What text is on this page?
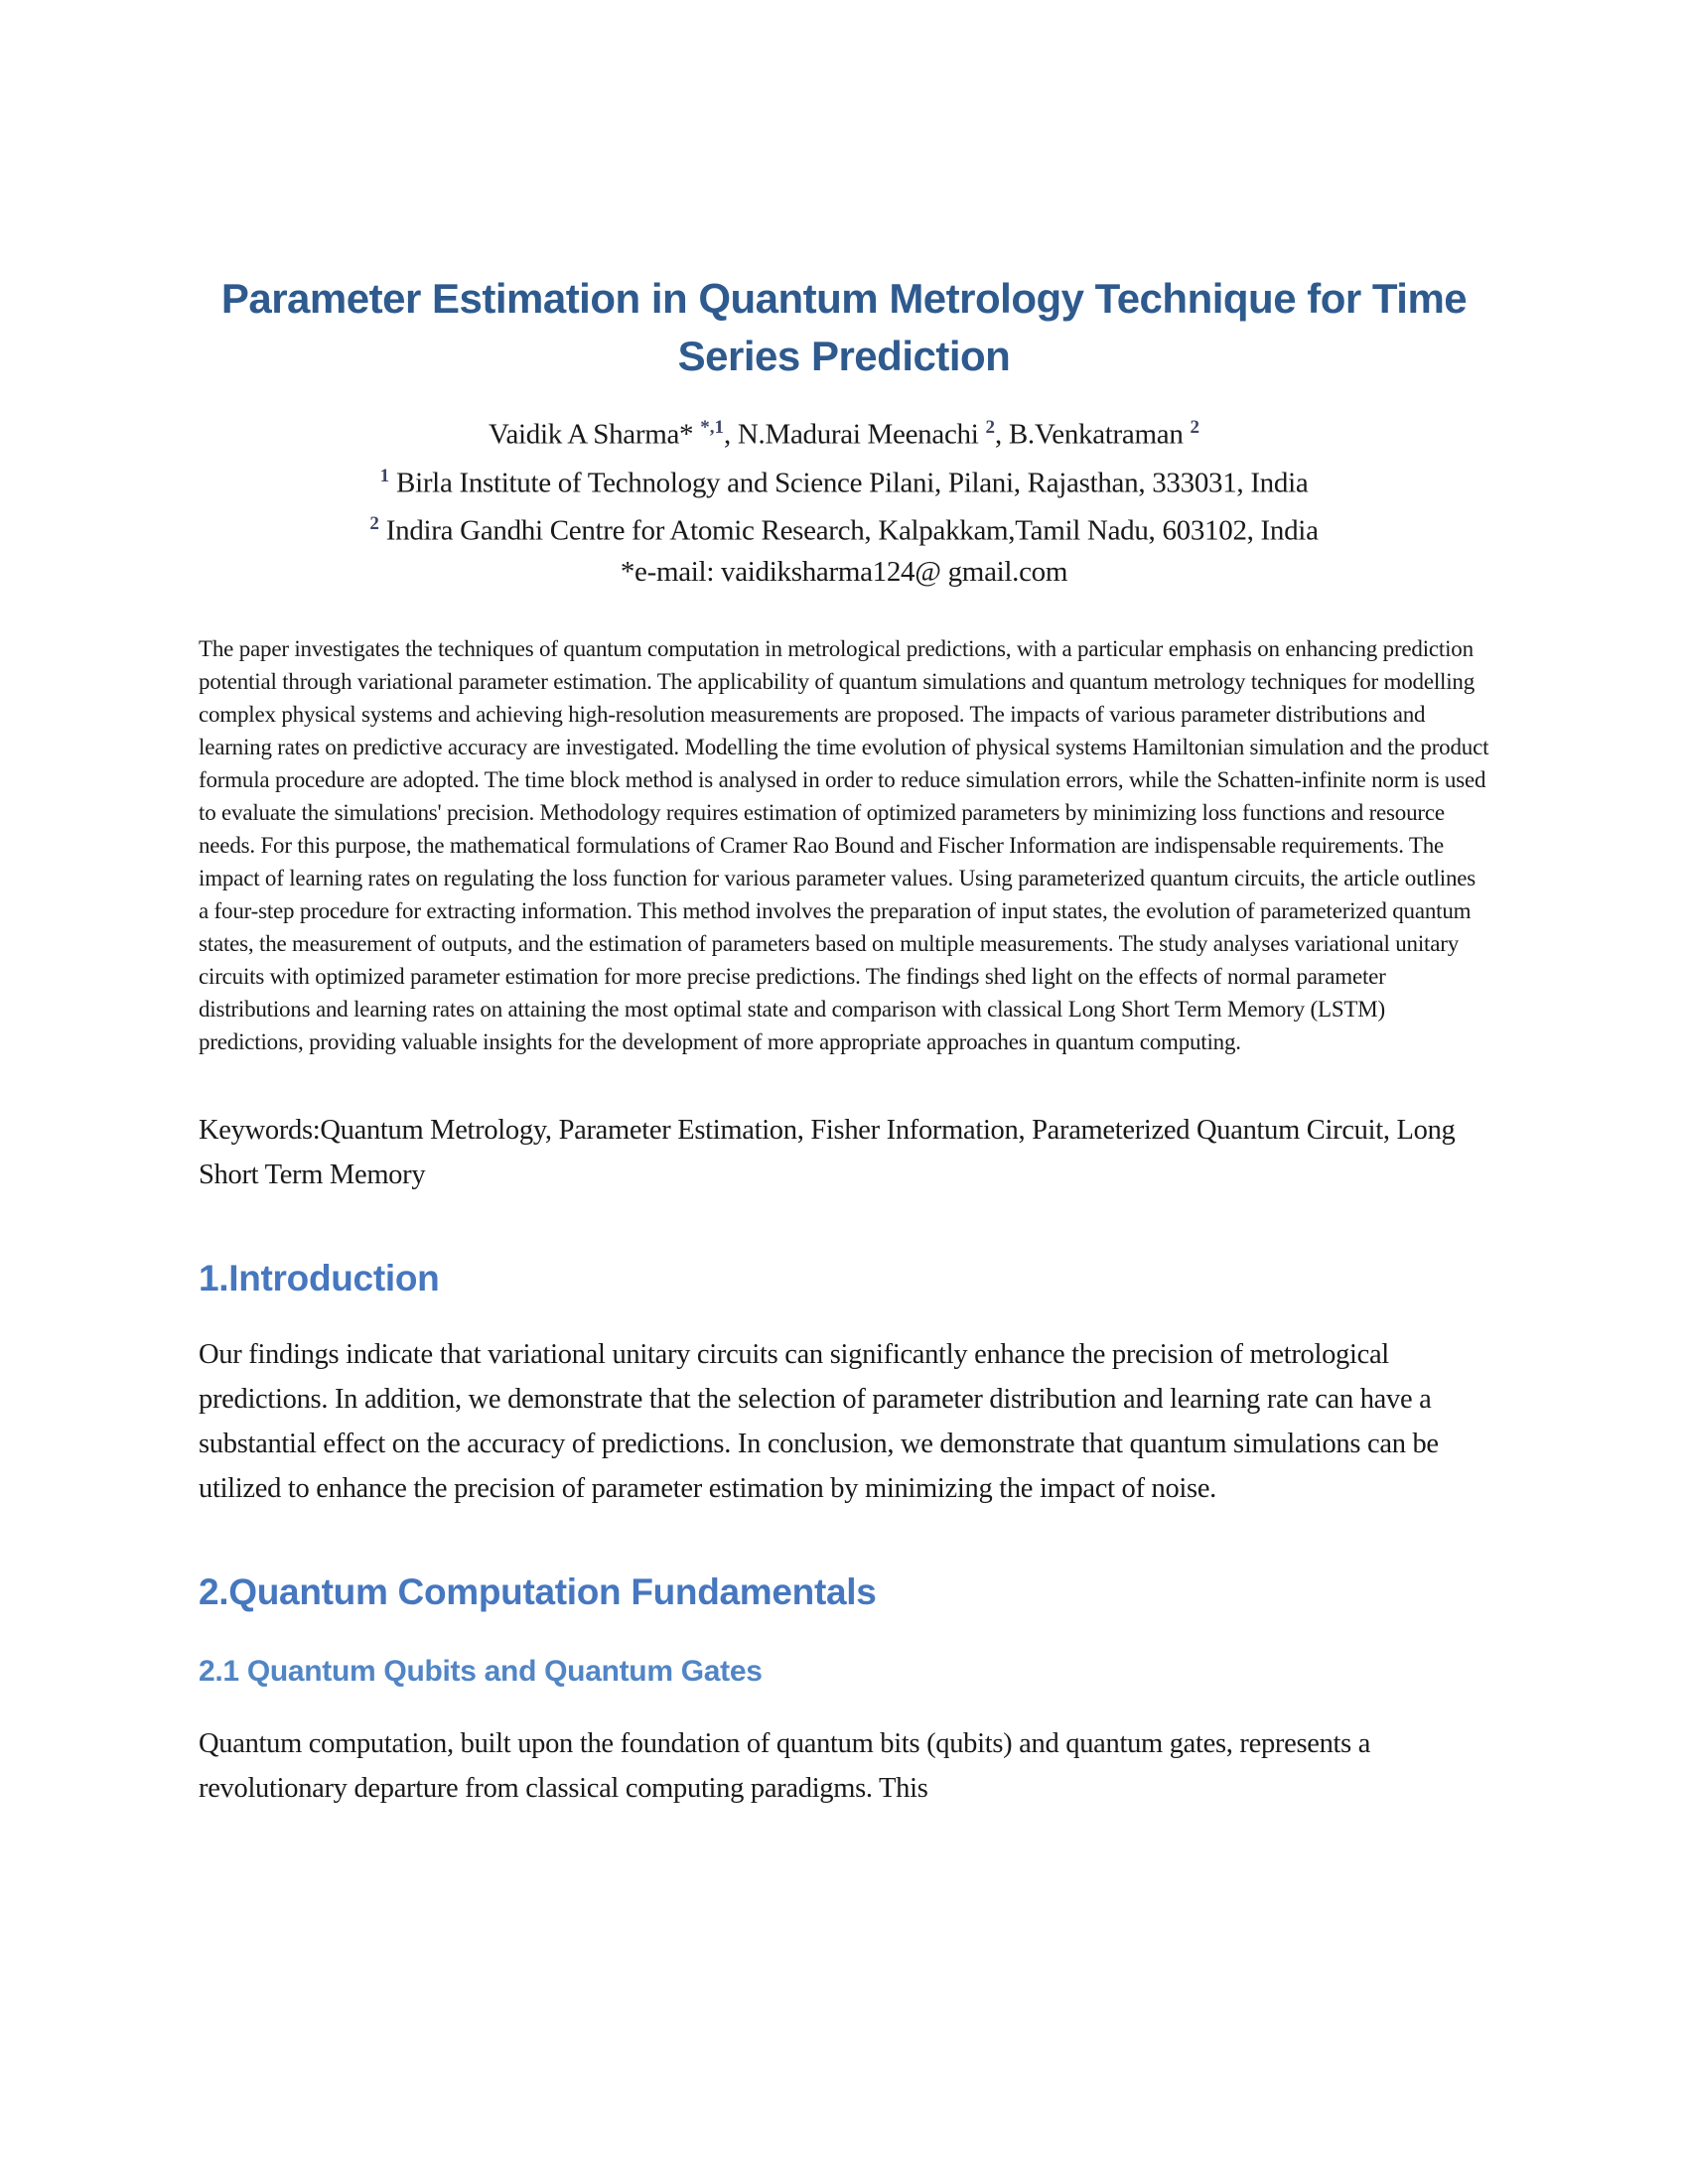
Parameter Estimation in Quantum Metrology Technique for Time Series Prediction
Vaidik A Sharma* $^{*,1}$, N.Madurai Meenachi $^2$, B.Venkatraman $^2$
$^1$ Birla Institute of Technology and Science Pilani, Pilani, Rajasthan, 333031, India
$^2$ Indira Gandhi Centre for Atomic Research, Kalpakkam,Tamil Nadu, 603102, India
*e-mail: vaidiksharma124@ gmail.com

The paper investigates the techniques of quantum computation in metrological predictions, with a particular emphasis on enhancing prediction potential through variational parameter estimation. The applicability of quantum simulations and quantum metrology techniques for modelling complex physical systems and achieving high-resolution measurements are proposed. The impacts of various parameter distributions and learning rates on predictive accuracy are investigated. Modelling the time evolution of physical systems Hamiltonian simulation and the product formula procedure are adopted. The time block method is analysed in order to reduce simulation errors, while the Schatten-infinite norm is used to evaluate the simulations' precision. Methodology requires estimation of optimized parameters by minimizing loss functions and resource needs. For this purpose, the mathematical formulations of Cramer Rao Bound and Fischer Information are indispensable requirements. The impact of learning rates on regulating the loss function for various parameter values. Using parameterized quantum circuits, the article outlines a four-step procedure for extracting information. This method involves the preparation of input states, the evolution of parameterized quantum states, the measurement of outputs, and the estimation of parameters based on multiple measurements. The study analyses variational unitary circuits with optimized parameter estimation for more precise predictions. The findings shed light on the effects of normal parameter distributions and learning rates on attaining the most optimal state and comparison with classical Long Short Term Memory (LSTM) predictions, providing valuable insights for the development of more appropriate approaches in quantum computing.

Keywords:Quantum Metrology, Parameter Estimation, Fisher Information, Parameterized Quantum Circuit, Long Short Term Memory

1.Introduction

Our findings indicate that variational unitary circuits can significantly enhance the precision of metrological predictions. In addition, we demonstrate that the selection of parameter distribution and learning rate can have a substantial effect on the accuracy of predictions. In conclusion, we demonstrate that quantum simulations can be utilized to enhance the precision of parameter estimation by minimizing the impact of noise.

2.Quantum Computation Fundamentals
2.1 Quantum Qubits and Quantum Gates

Quantum computation, built upon the foundation of quantum bits (qubits) and quantum gates, represents a revolutionary departure from classical computing paradigms. This
